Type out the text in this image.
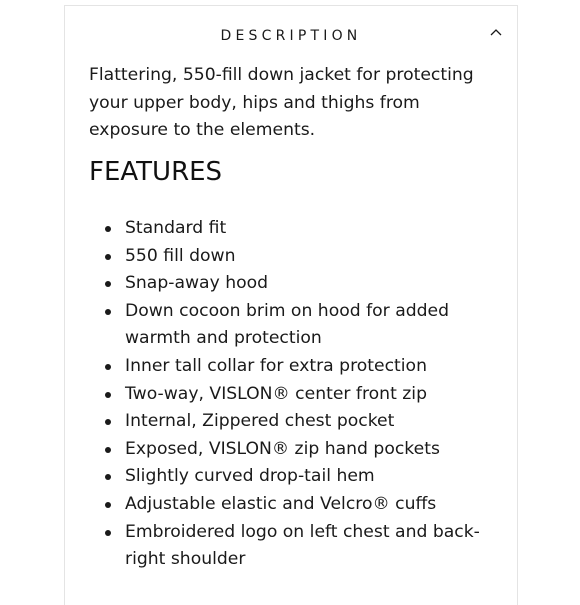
DESCRIPTION

Flattering, 550-fill down jacket for protecting your upper body, hips and thighs from exposure to the elements.

FEATURES
Standard fit
550 fill down
Snap-away hood
Down cocoon brim on hood for added warmth and protection
Inner tall collar for extra protection
Two-way, VISLON® center front zip
Internal, Zippered chest pocket
Exposed, VISLON® zip hand pockets
Slightly curved drop-tail hem
Adjustable elastic and Velcro® cuffs
Embroidered logo on left chest and back-right shoulder
